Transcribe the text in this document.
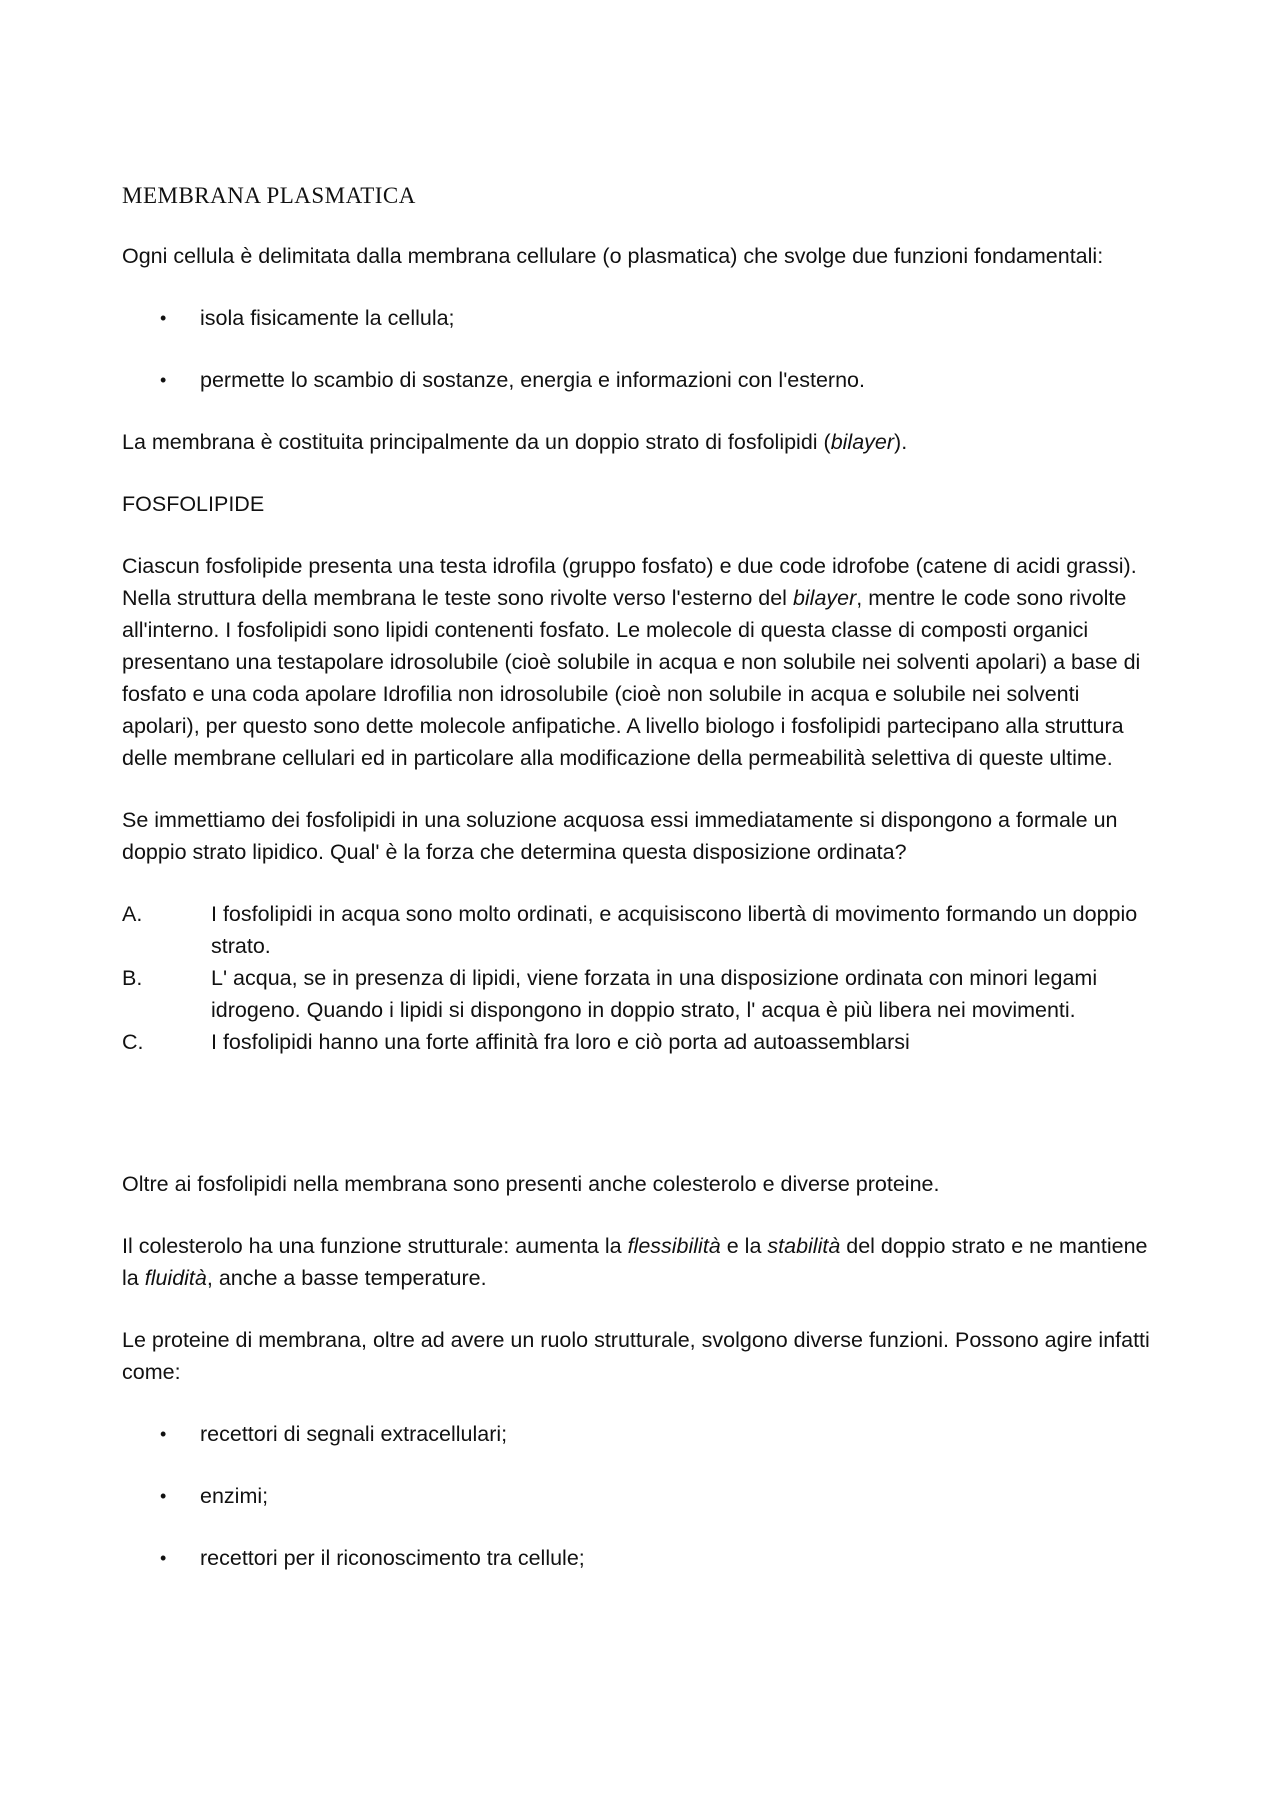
MEMBRANA PLASMATICA

Ogni cellula è delimitata dalla membrana cellulare (o plasmatica) che svolge due funzioni fondamentali:

• isola fisicamente la cellula;
• permette lo scambio di sostanze, energia e informazioni con l'esterno.

La membrana è costituita principalmente da un doppio strato di fosfolipidi (bilayer).

FOSFOLIPIDE

Ciascun fosfolipide presenta una testa idrofila (gruppo fosfato) e due code idrofobe (catene di acidi grassi). Nella struttura della membrana le teste sono rivolte verso l'esterno del bilayer, mentre le code sono rivolte all'interno. I fosfolipidi sono lipidi contenenti fosfato. Le molecole di questa classe di composti organici presentano una testapolare idrosolubile (cioè solubile in acqua e non solubile nei solventi apolari) a base di fosfato e una coda apolare Idrofilia non idrosolubile (cioè non solubile in acqua e solubile nei solventi apolari), per questo sono dette molecole anfipatiche. A livello biologo i fosfolipidi partecipano alla struttura delle membrane cellulari ed in particolare alla modificazione della permeabilità selettiva di queste ultime.

Se immettiamo dei fosfolipidi in una soluzione acquosa essi immediatamente si dispongono a formale un doppio strato lipidico. Qual' è la forza che determina questa disposizione ordinata?

A.	I fosfolipidi in acqua sono molto ordinati, e acquisiscono libertà di movimento formando un doppio strato.
B.	L' acqua, se in presenza di lipidi, viene forzata in una disposizione ordinata con minori legami idrogeno. Quando i lipidi si dispongono in doppio strato, l' acqua è più libera nei movimenti.
C.	I fosfolipidi hanno una forte affinità fra loro e ciò porta ad autoassemblarsi

Oltre ai fosfolipidi nella membrana sono presenti anche colesterolo e diverse proteine.

Il colesterolo ha una funzione strutturale: aumenta la flessibilità e la stabilità del doppio strato e ne mantiene la fluidità, anche a basse temperature.

Le proteine di membrana, oltre ad avere un ruolo strutturale, svolgono diverse funzioni. Possono agire infatti come:

• recettori di segnali extracellulari;
• enzimi;
• recettori per il riconoscimento tra cellule;
